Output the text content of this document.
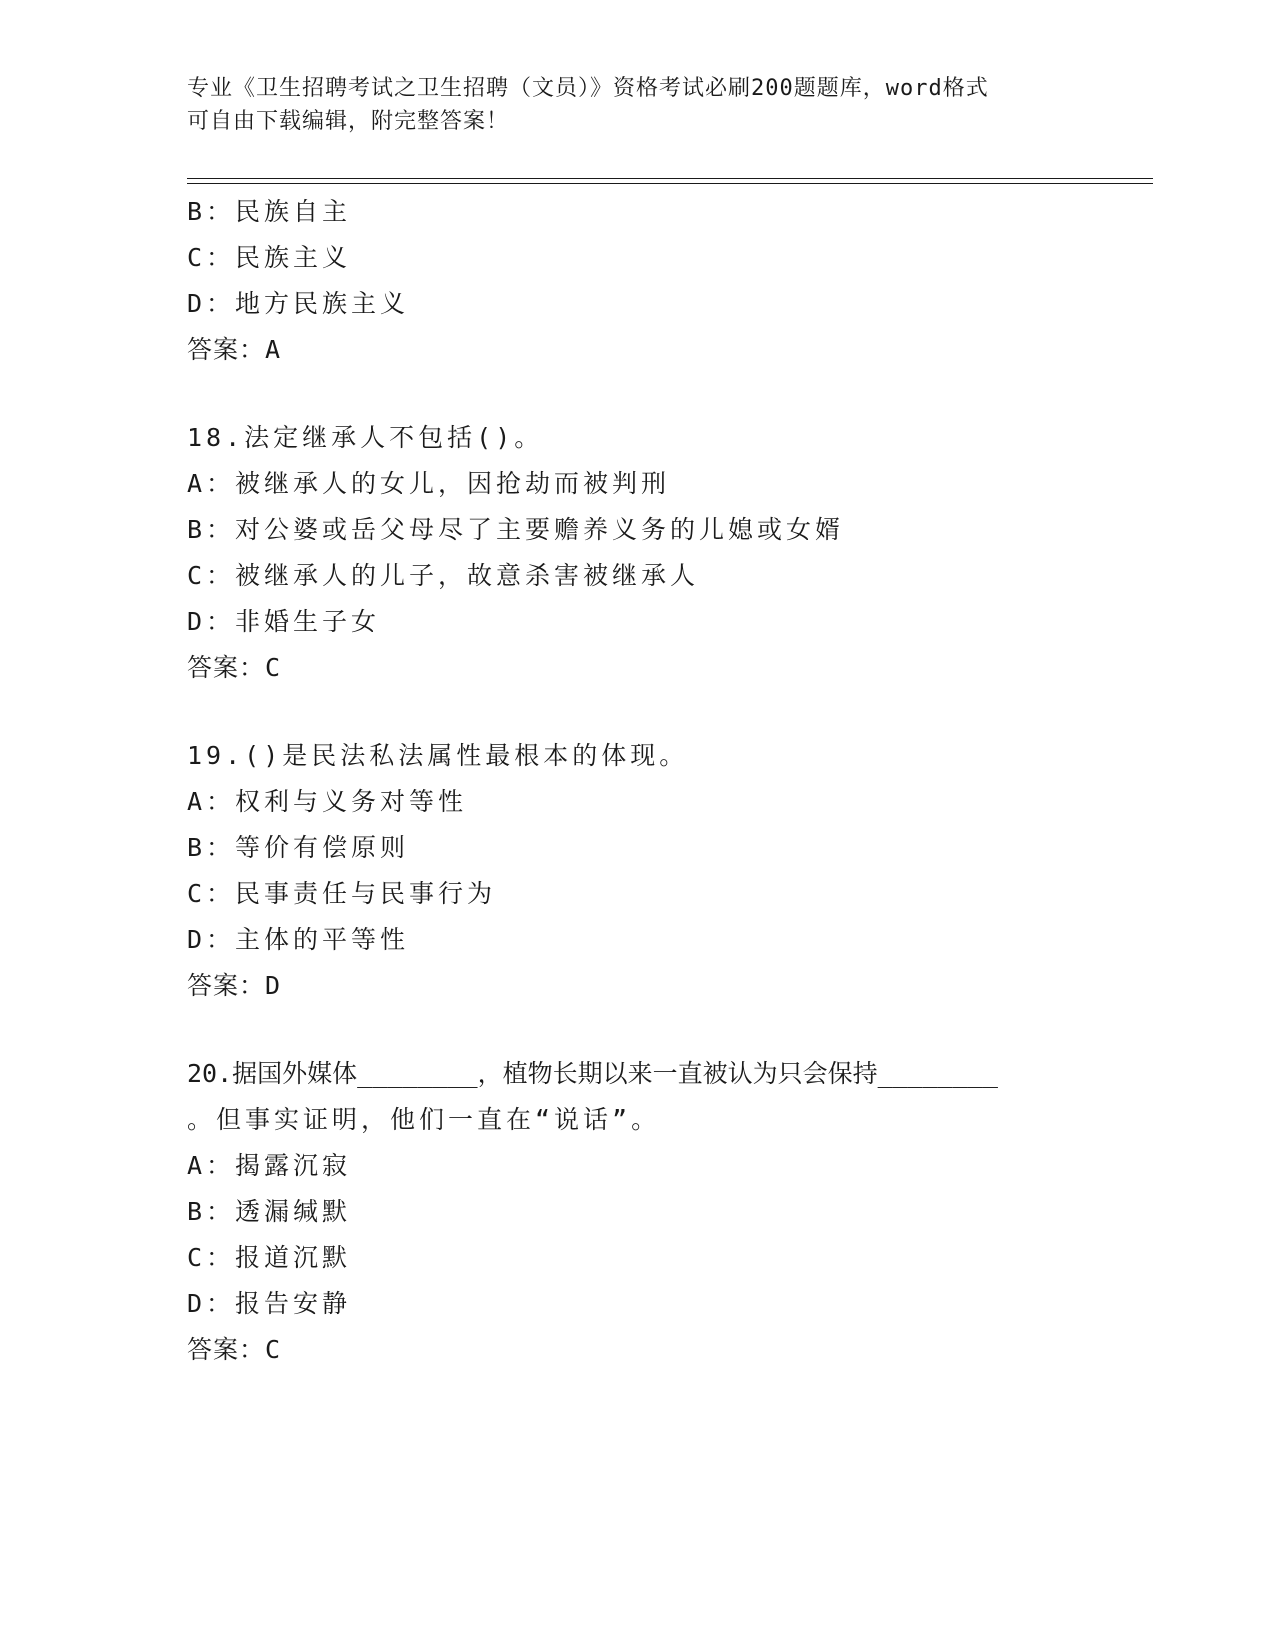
专业《卫生招聘考试之卫生招聘（文员）》资格考试必刷200题题库，word格式

可自由下载编辑，附完整答案！

B：民族自主
C：民族主义
D：地方民族主义
答案：A
18.法定继承人不包括()。
A：被继承人的女儿，因抢劫而被判刑
B：对公婆或岳父母尽了主要赡养义务的儿媳或女婿
C：被继承人的儿子，故意杀害被继承人
D：非婚生子女
答案：C
19.()是民法私法属性最根本的体现。
A：权利与义务对等性
B：等价有偿原则
C：民事责任与民事行为
D：主体的平等性
答案：D
20.据国外媒体________，植物长期以来一直被认为只会保持________
。但事实证明，他们一直在“说话”。
A：揭露沉寂
B：透漏缄默
C：报道沉默
D：报告安静
答案：C
